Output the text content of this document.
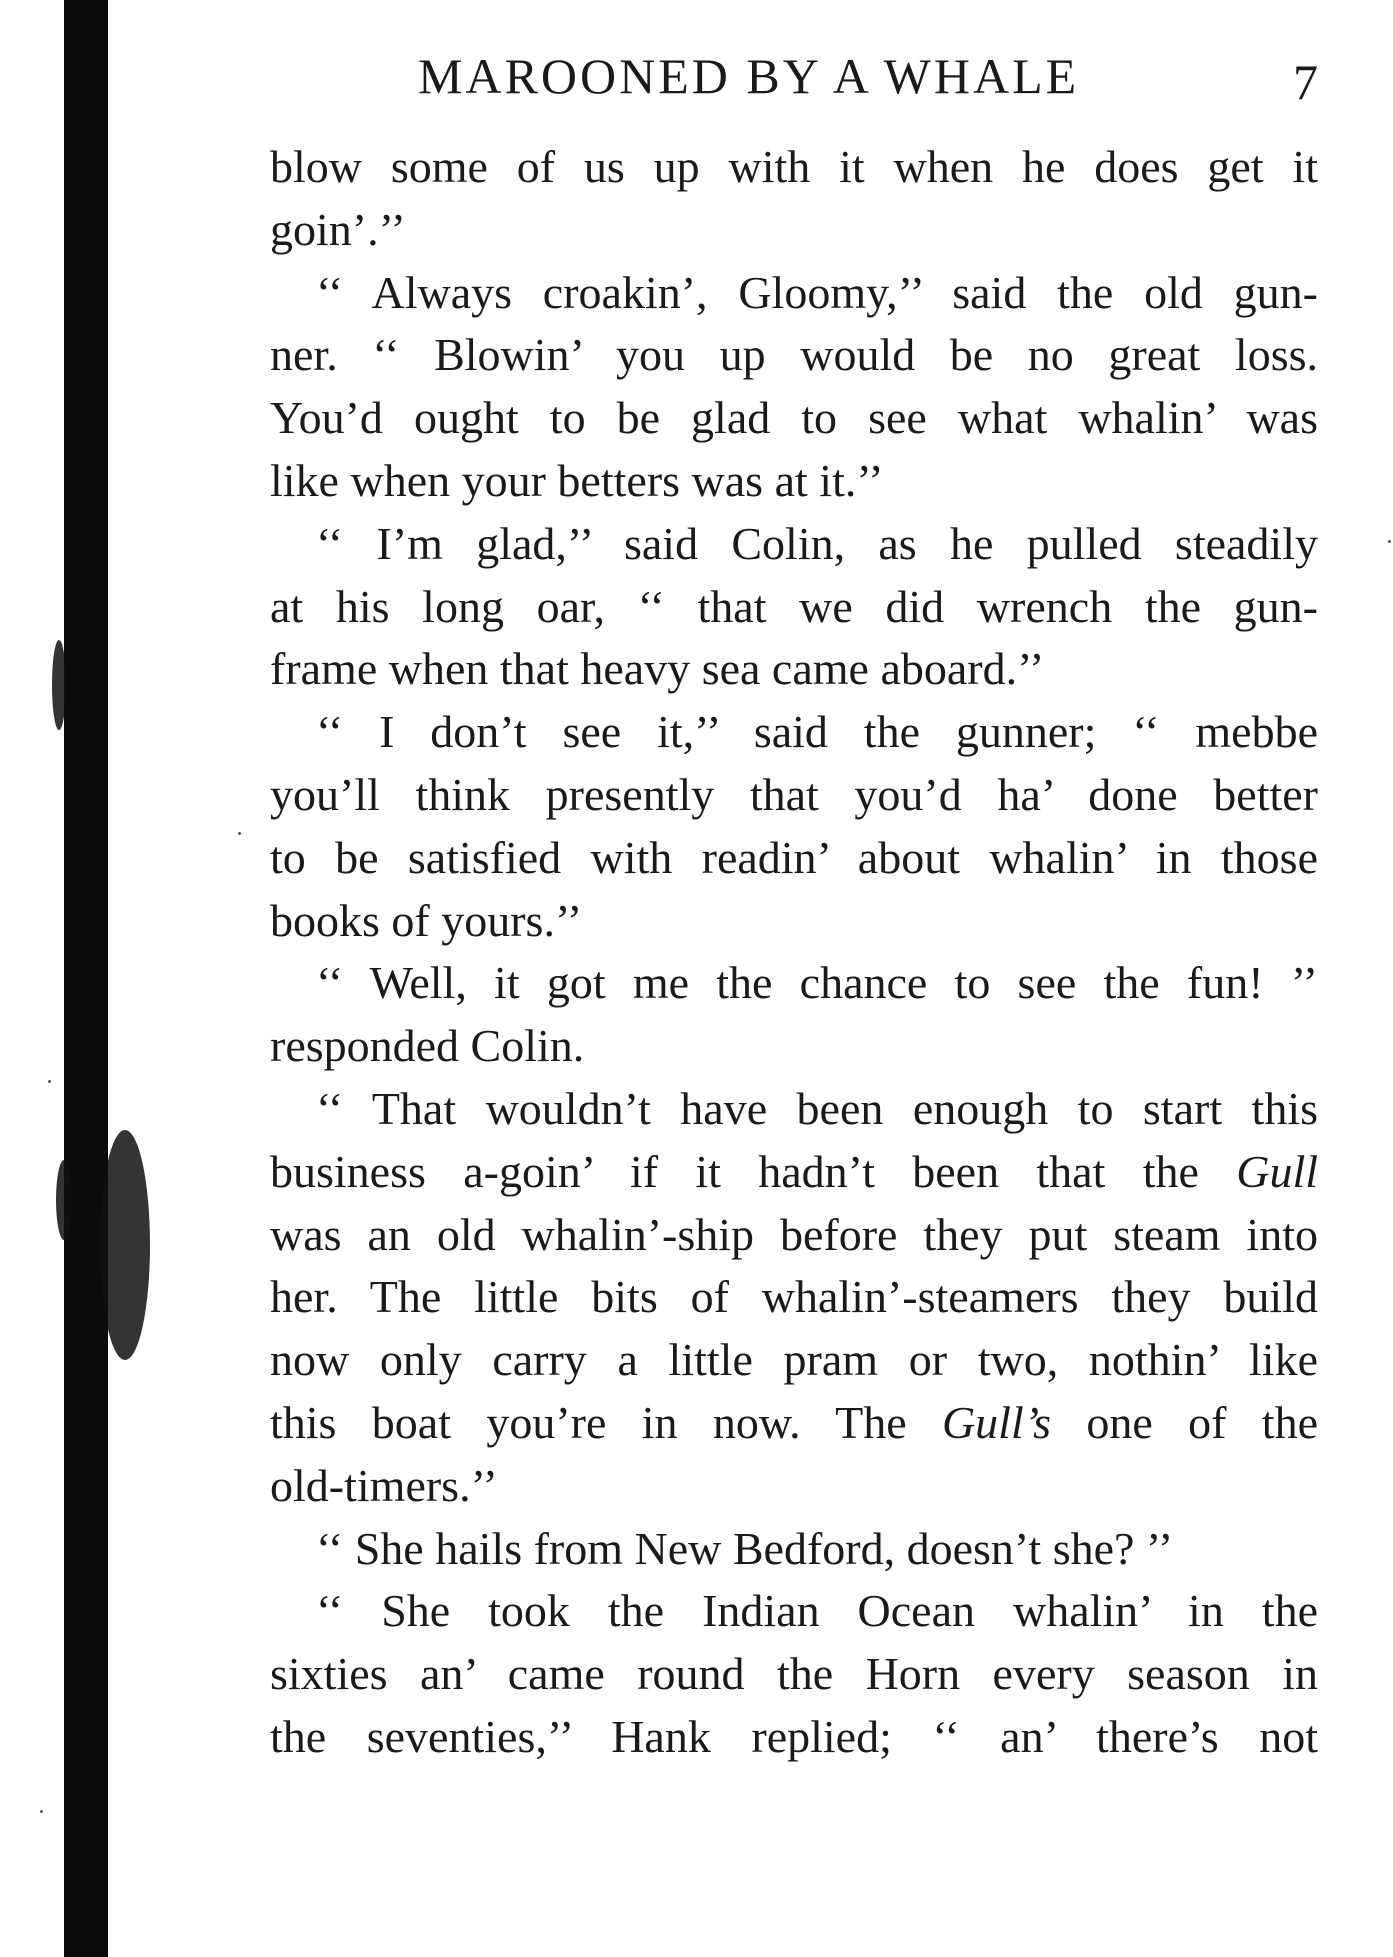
MAROONED BY A WHALE	7
blow some of us up with it when he does get it
goin’.’’
‘‘ Always croakin’, Gloomy,’’ said the old gun-
ner. ‘‘ Blowin’ you up would be no great loss.
You’d ought to be glad to see what whalin’ was
like when your betters was at it.’’
‘‘ I’m glad,’’ said Colin, as he pulled steadily
at his long oar, ‘‘ that we did wrench the gun-
frame when that heavy sea came aboard.’’
‘‘ I don’t see it,’’ said the gunner; ‘‘ mebbe
you’ll think presently that you’d ha’ done better
to be satisfied with readin’ about whalin’ in those
books of yours.’’
‘‘ Well, it got me the chance to see the fun! ’’
responded Colin.
‘‘ That wouldn’t have been enough to start this
business a-goin’ if it hadn’t been that the Gull
was an old whalin’-ship before they put steam into
her. The little bits of whalin’-steamers they build
now only carry a little pram or two, nothin’ like
this boat you’re in now. The Gull’s one of the
old-timers.’’
‘‘ She hails from New Bedford, doesn’t she? ’’
‘‘ She took the Indian Ocean whalin’ in the
sixties an’ came round the Horn every season in
the seventies,’’ Hank replied; ‘‘ an’ there’s not
